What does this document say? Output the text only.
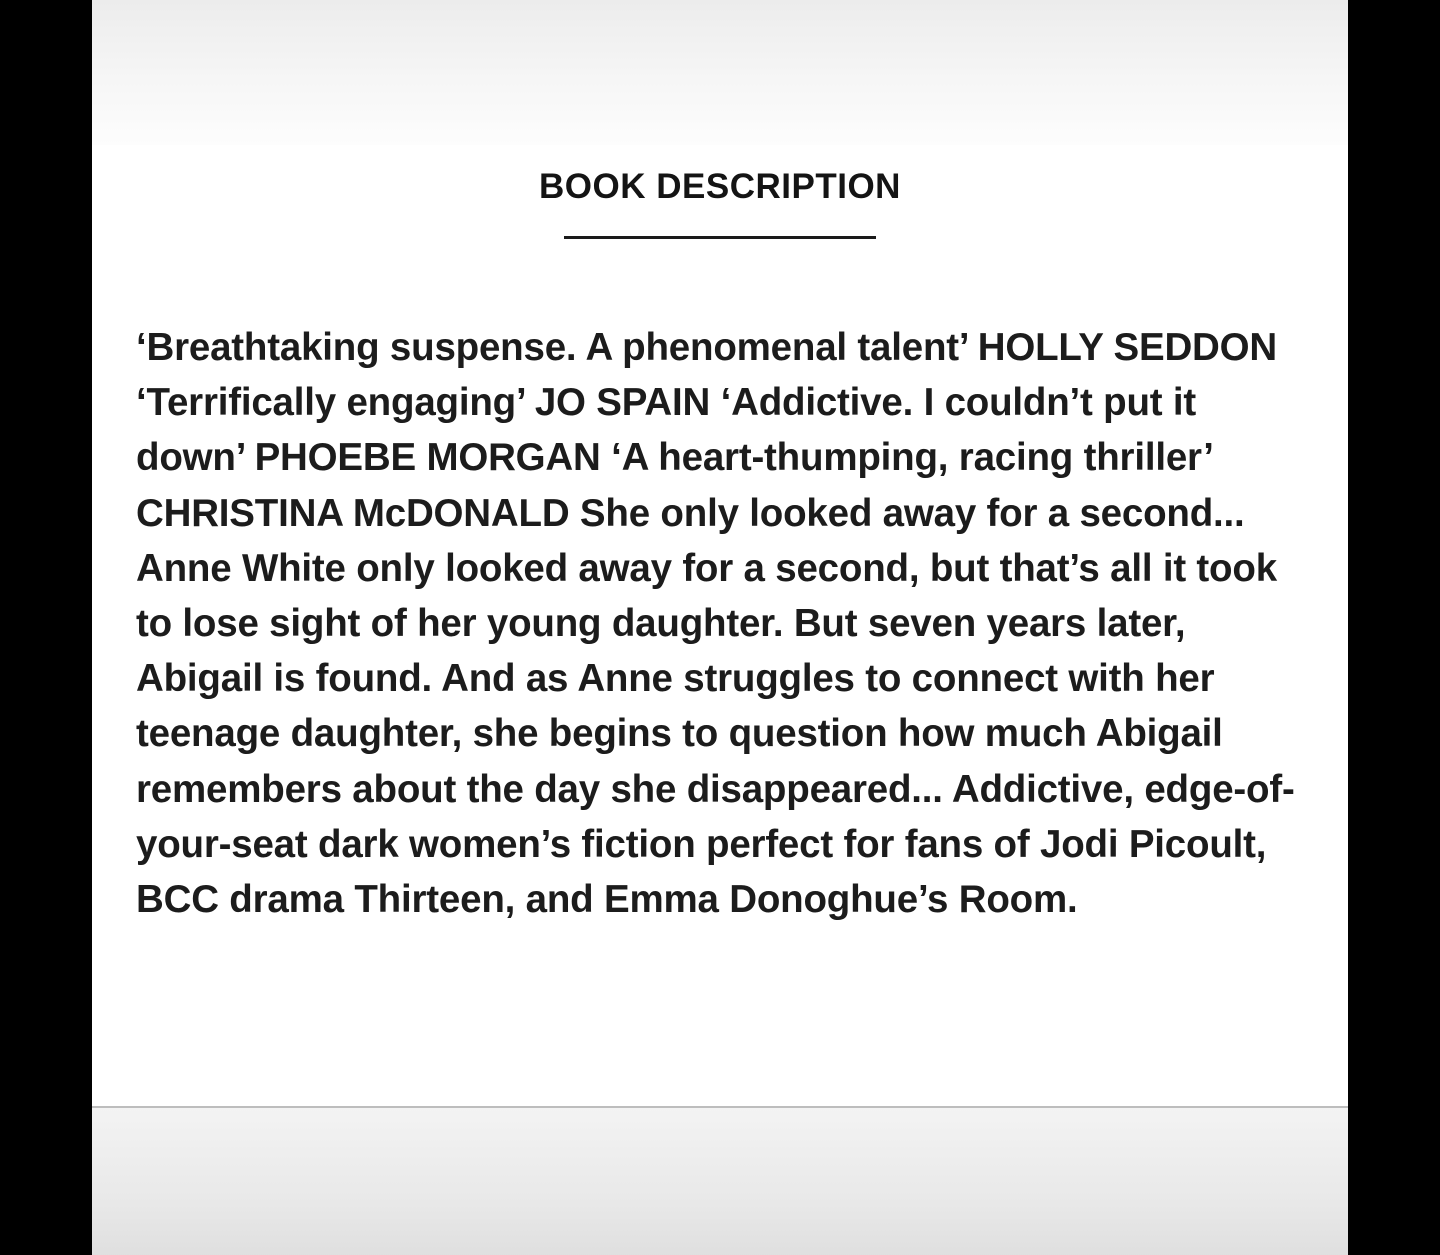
BOOK DESCRIPTION

‘Breathtaking suspense. A phenomenal talent’ HOLLY SEDDON ‘Terrifically engaging’ JO SPAIN ‘Addictive. I couldn’t put it down’ PHOEBE MORGAN ‘A heart-thumping, racing thriller’ CHRISTINA McDONALD She only looked away for a second... Anne White only looked away for a second, but that’s all it took to lose sight of her young daughter. But seven years later, Abigail is found. And as Anne struggles to connect with her teenage daughter, she begins to question how much Abigail remembers about the day she disappeared... Addictive, edge-of-your-seat dark women’s fiction perfect for fans of Jodi Picoult, BCC drama Thirteen, and Emma Donoghue’s Room.
